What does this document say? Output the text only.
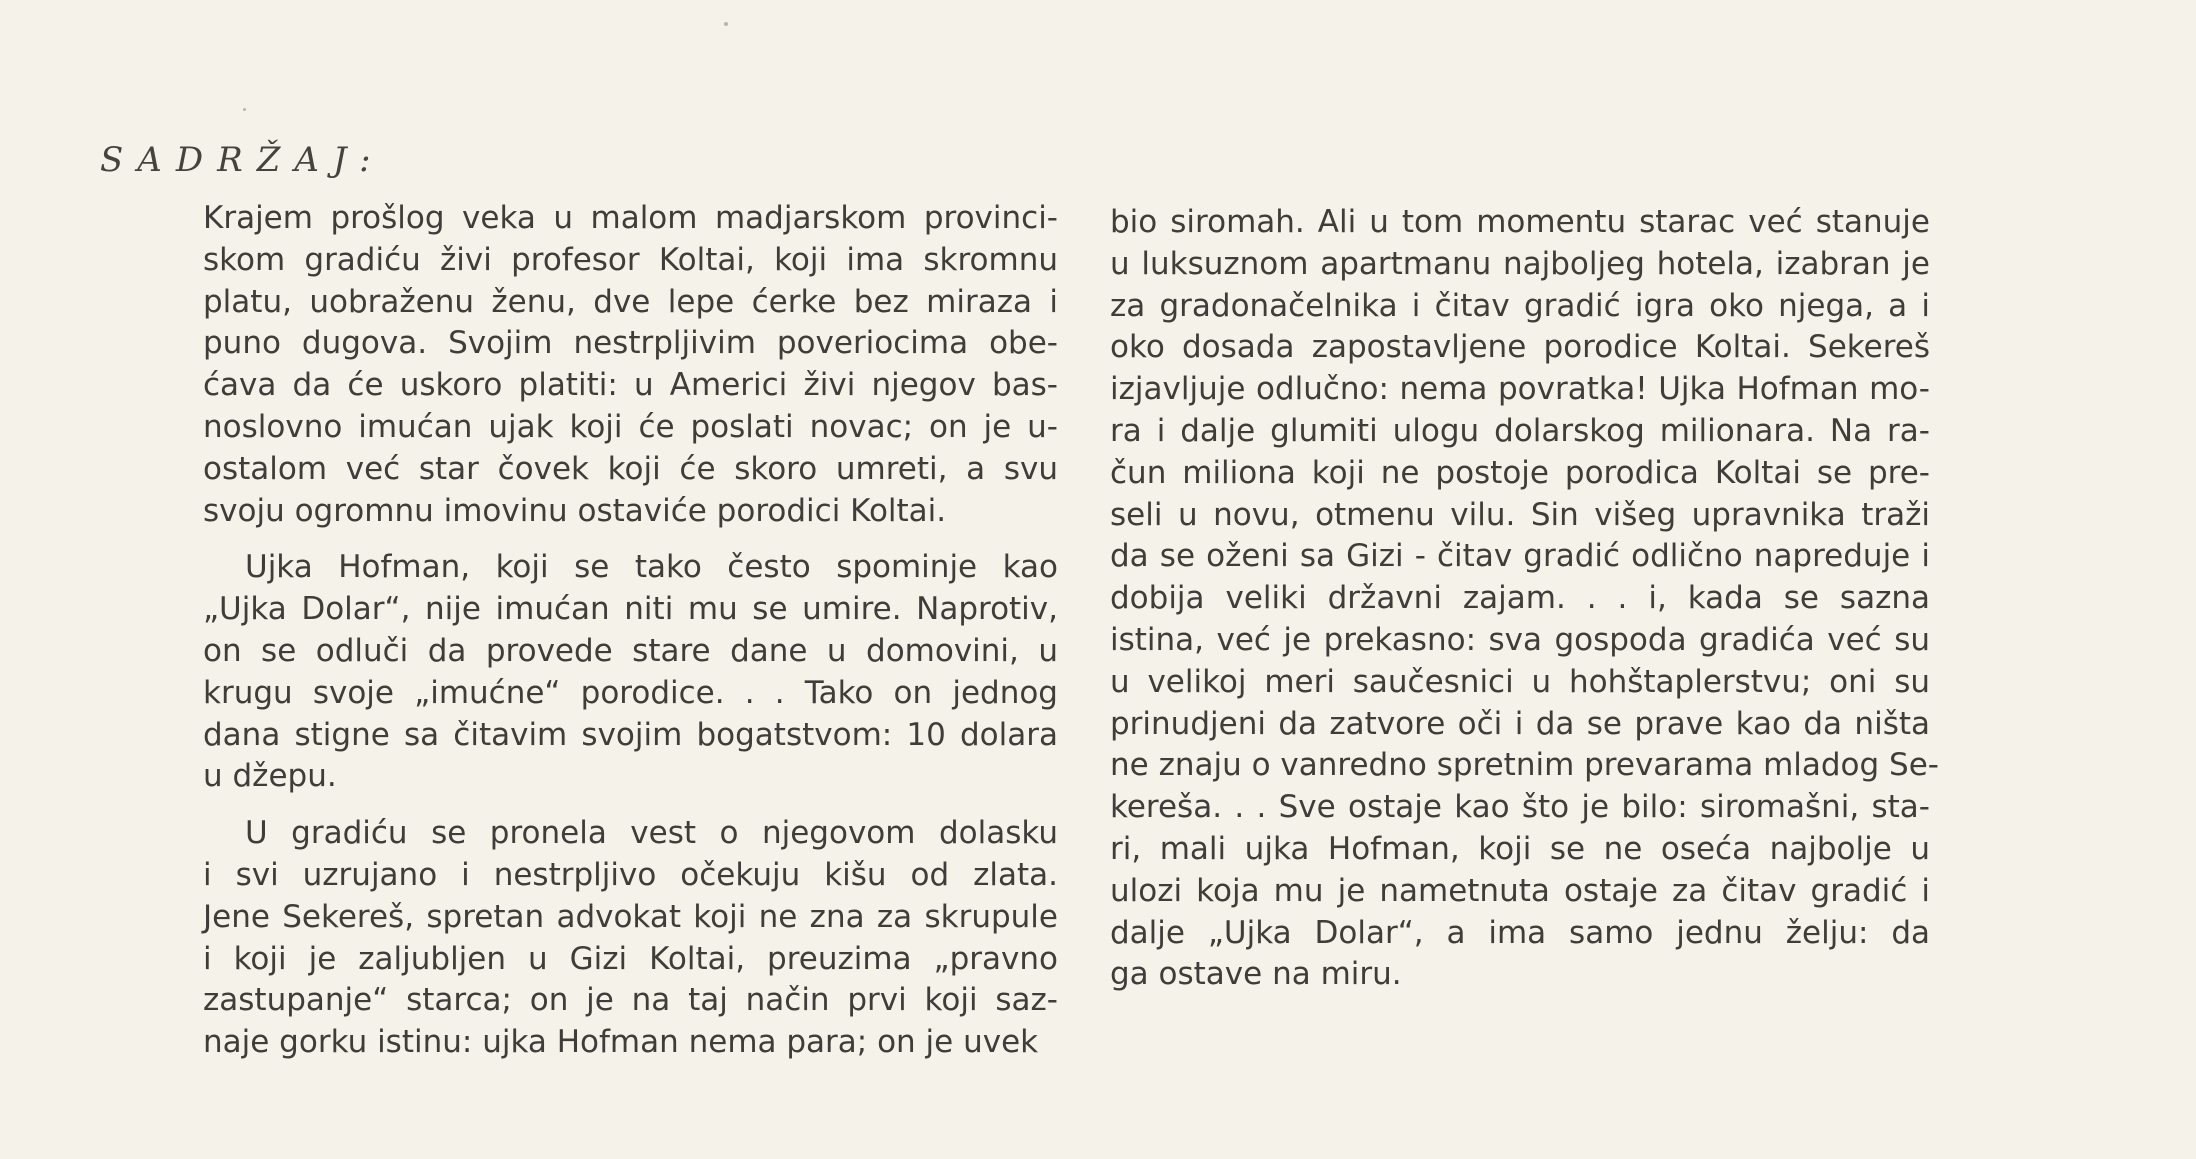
SADRŽAJ:
Krajem prošlog veka u malom madjarskom provinci-
skom gradiću živi profesor Koltai, koji ima skromnu
platu, uobraženu ženu, dve lepe ćerke bez miraza i
puno dugova. Svojim nestrpljivim poveriocima obe-
ćava da će uskoro platiti: u Americi živi njegov bas-
noslovno imućan ujak koji će poslati novac; on je u-
ostalom već star čovek koji će skoro umreti, a svu
svoju ogromnu imovinu ostaviće porodici Koltai.
Ujka Hofman, koji se tako često spominje kao
„Ujka Dolar“, nije imućan niti mu se umire. Naprotiv,
on se odluči da provede stare dane u domovini, u
krugu svoje „imućne“ porodice. . . Tako on jednog
dana stigne sa čitavim svojim bogatstvom: 10 dolara
u džepu.
U gradiću se pronela vest o njegovom dolasku
i svi uzrujano i nestrpljivo očekuju kišu od zlata.
Jene Sekereš, spretan advokat koji ne zna za skrupule
i koji je zaljubljen u Gizi Koltai, preuzima „pravno
zastupanje“ starca; on je na taj način prvi koji saz-
naje gorku istinu: ujka Hofman nema para; on je uvek
bio siromah. Ali u tom momentu starac već stanuje
u luksuznom apartmanu najboljeg hotela, izabran je
za gradonačelnika i čitav gradić igra oko njega, a i
oko dosada zapostavljene porodice Koltai. Sekereš
izjavljuje odlučno: nema povratka! Ujka Hofman mo-
ra i dalje glumiti ulogu dolarskog milionara. Na ra-
čun miliona koji ne postoje porodica Koltai se pre-
seli u novu, otmenu vilu. Sin višeg upravnika traži
da se oženi sa Gizi - čitav gradić odlično napreduje i
dobija veliki državni zajam. . . i, kada se sazna
istina, već je prekasno: sva gospoda gradića već su
u velikoj meri saučesnici u hohštaplerstvu; oni su
prinudjeni da zatvore oči i da se prave kao da ništa
ne znaju o vanredno spretnim prevarama mladog Se-
kereša. . . Sve ostaje kao što je bilo: siromašni, sta-
ri, mali ujka Hofman, koji se ne oseća najbolje u
ulozi koja mu je nametnuta ostaje za čitav gradić i
dalje „Ujka Dolar“, a ima samo jednu želju: da
ga ostave na miru.
